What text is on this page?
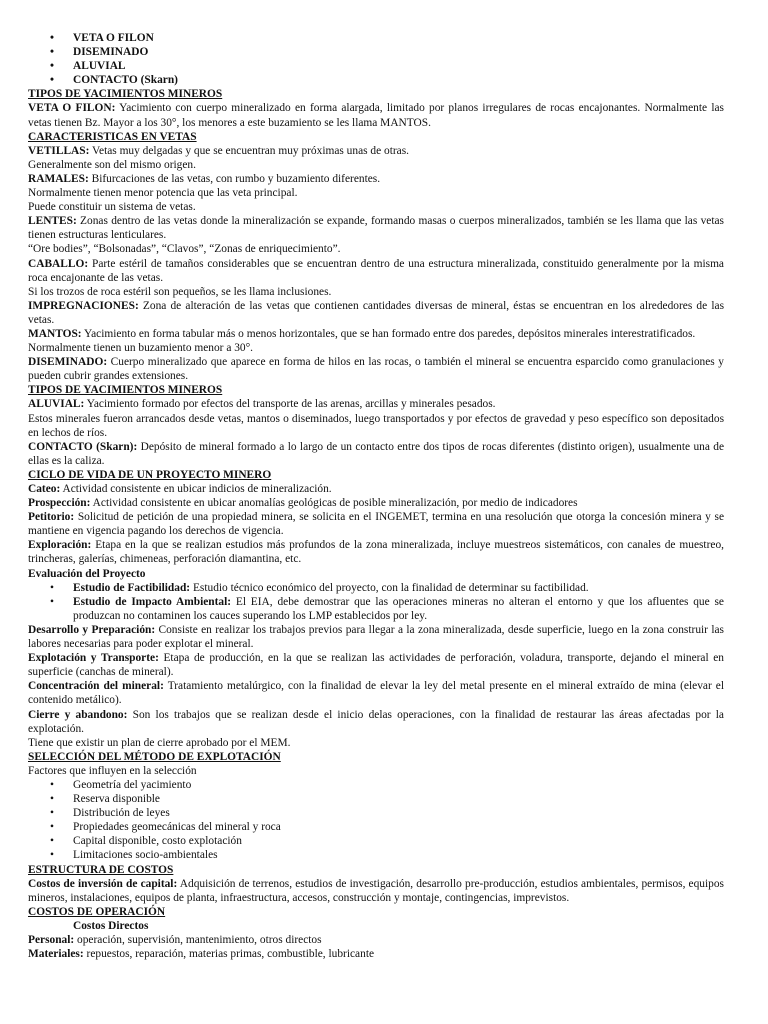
• VETA O FILON
• DISEMINADO
• ALUVIAL
• CONTACTO (Skarn)
TIPOS DE YACIMIENTOS MINEROS
VETA O FILON: Yacimiento con cuerpo mineralizado en forma alargada, limitado por planos irregulares de rocas encajonantes. Normalmente las vetas tienen Bz. Mayor a los 30°, los menores a este buzamiento se les llama MANTOS.
CARACTERISTICAS EN VETAS
VETILLAS: Vetas muy delgadas y que se encuentran muy próximas unas de otras.
Generalmente son del mismo origen.
RAMALES: Bifurcaciones de las vetas, con rumbo y buzamiento diferentes.
Normalmente tienen menor potencia que las veta principal.
Puede constituir un sistema de vetas.
LENTES: Zonas dentro de las vetas donde la mineralización se expande, formando masas o cuerpos mineralizados, también se les llama que las vetas tienen estructuras lenticulares.
“Ore bodies”, “Bolsonadas”, “Clavos”, “Zonas de enriquecimiento”.
CABALLO: Parte estéril de tamaños considerables que se encuentran dentro de una estructura mineralizada, constituido generalmente por la misma roca encajonante de las vetas.
Si los trozos de roca estéril son pequeños, se les llama inclusiones.
IMPREGNACIONES: Zona de alteración de las vetas que contienen cantidades diversas de mineral, éstas se encuentran en los alrededores de las vetas.
MANTOS: Yacimiento en forma tabular más o menos horizontales, que se han formado entre dos paredes, depósitos minerales interestratificados.
Normalmente tienen un buzamiento menor a 30°.
DISEMINADO: Cuerpo mineralizado que aparece en forma de hilos en las rocas, o también el mineral se encuentra esparcido como granulaciones y pueden cubrir grandes extensiones.
TIPOS DE YACIMIENTOS MINEROS
ALUVIAL: Yacimiento formado por efectos del transporte de las arenas, arcillas y minerales pesados.
Estos minerales fueron arrancados desde vetas, mantos o diseminados, luego transportados y por efectos de gravedad y peso específico son depositados en lechos de ríos.
CONTACTO (Skarn): Depósito de mineral formado a lo largo de un contacto entre dos tipos de rocas diferentes (distinto origen), usualmente una de ellas es la caliza.
CICLO DE VIDA DE UN PROYECTO MINERO
Cateo: Actividad consistente en ubicar indicios de mineralización.
Prospección: Actividad consistente en ubicar anomalías geológicas de posible mineralización, por medio de indicadores
Petitorio: Solicitud de petición de una propiedad minera, se solicita en el INGEMET, termina en una resolución que otorga la concesión minera y se mantiene en vigencia pagando los derechos de vigencia.
Exploración: Etapa en la que se realizan estudios más profundos de la zona mineralizada, incluye muestreos sistemáticos, con canales de muestreo, trincheras, galerías, chimeneas, perforación diamantina, etc.
Evaluación del Proyecto
• Estudio de Factibilidad: Estudio técnico económico del proyecto, con la finalidad de determinar su factibilidad.
• Estudio de Impacto Ambiental: El EIA, debe demostrar que las operaciones mineras no alteran el entorno y que los afluentes que se produzcan no contaminen los cauces superando los LMP establecidos por ley.
Desarrollo y Preparación: Consiste en realizar los trabajos previos para llegar a la zona mineralizada, desde superficie, luego en la zona construir las labores necesarias para poder explotar el mineral.
Explotación y Transporte: Etapa de producción, en la que se realizan las actividades de perforación, voladura, transporte, dejando el mineral en superficie (canchas de mineral).
Concentración del mineral: Tratamiento metalúrgico, con la finalidad de elevar la ley del metal presente en el mineral extraído de mina (elevar el contenido metálico).
Cierre y abandono: Son los trabajos que se realizan desde el inicio delas operaciones, con la finalidad de restaurar las áreas afectadas por la explotación.
Tiene que existir un plan de cierre aprobado por el MEM.
SELECCIÓN DEL MÉTODO DE EXPLOTACIÓN
Factores que influyen en la selección
• Geometría del yacimiento
• Reserva disponible
• Distribución de leyes
• Propiedades geomecánicas del mineral y roca
• Capital disponible, costo explotación
• Limitaciones socio-ambientales
ESTRUCTURA DE COSTOS
Costos de inversión de capital: Adquisición de terrenos, estudios de investigación, desarrollo pre-producción, estudios ambientales, permisos, equipos mineros, instalaciones, equipos de planta, infraestructura, accesos, construcción y montaje, contingencias, imprevistos.
COSTOS DE OPERACIÓN
Costos Directos
Personal: operación, supervisión, mantenimiento, otros directos
Materiales: repuestos, reparación, materias primas, combustible, lubricante
